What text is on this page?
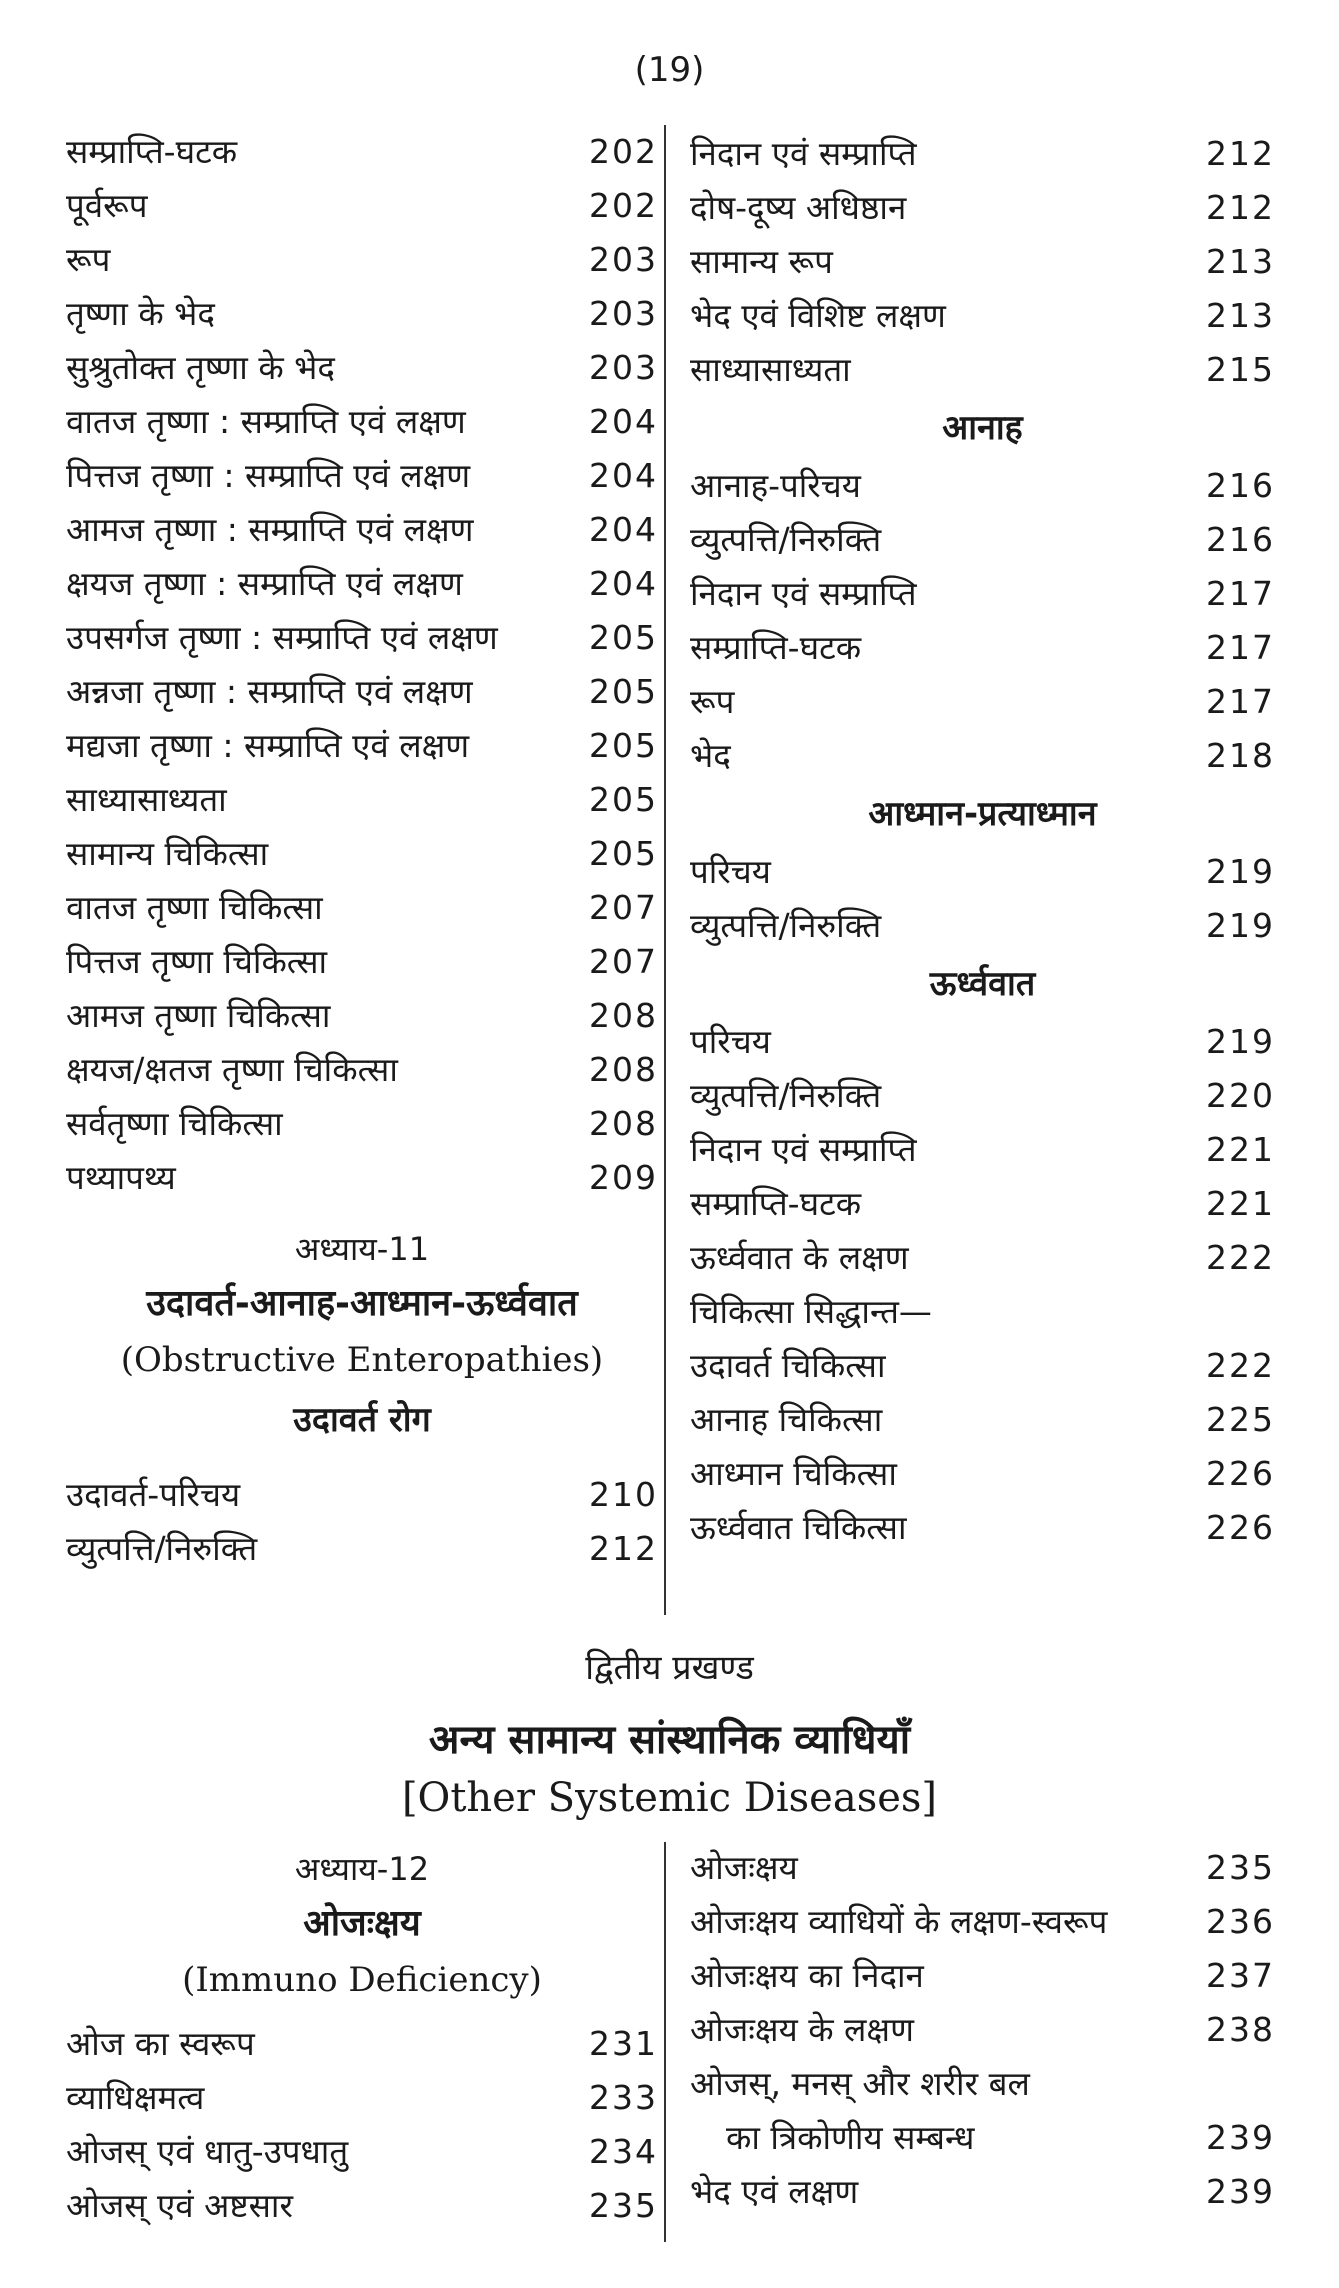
(19)
सम्प्राप्ति-घटक	202
पूर्वरूप	202
रूप	203
तृष्णा के भेद	203
सुश्रुतोक्त तृष्णा के भेद	203
वातज तृष्णा : सम्प्राप्ति एवं लक्षण	204
पित्तज तृष्णा : सम्प्राप्ति एवं लक्षण	204
आमज तृष्णा : सम्प्राप्ति एवं लक्षण	204
क्षयज तृष्णा : सम्प्राप्ति एवं लक्षण	204
उपसर्गज तृष्णा : सम्प्राप्ति एवं लक्षण	205
अन्नजा तृष्णा : सम्प्राप्ति एवं लक्षण	205
मद्यजा तृष्णा : सम्प्राप्ति एवं लक्षण	205
साध्यासाध्यता	205
सामान्य चिकित्सा	205
वातज तृष्णा चिकित्सा	207
पित्तज तृष्णा चिकित्सा	207
आमज तृष्णा चिकित्सा	208
क्षयज/क्षतज तृष्णा चिकित्सा	208
सर्वतृष्णा चिकित्सा	208
पथ्यापथ्य	209
अध्याय-11
उदावर्त-आनाह-आध्मान-ऊर्ध्ववात
(Obstructive Enteropathies)
उदावर्त रोग
उदावर्त-परिचय	210
व्युत्पत्ति/निरुक्ति	212
निदान एवं सम्प्राप्ति	212
दोष-दूष्य अधिष्ठान	212
सामान्य रूप	213
भेद एवं विशिष्ट लक्षण	213
साध्यासाध्यता	215
आनाह
आनाह-परिचय	216
व्युत्पत्ति/निरुक्ति	216
निदान एवं सम्प्राप्ति	217
सम्प्राप्ति-घटक	217
रूप	217
भेद	218
आध्मान-प्रत्याध्मान
परिचय	219
व्युत्पत्ति/निरुक्ति	219
ऊर्ध्ववात
परिचय	219
व्युत्पत्ति/निरुक्ति	220
निदान एवं सम्प्राप्ति	221
सम्प्राप्ति-घटक	221
ऊर्ध्ववात के लक्षण	222
चिकित्सा सिद्धान्त—
उदावर्त चिकित्सा	222
आनाह चिकित्सा	225
आध्मान चिकित्सा	226
ऊर्ध्ववात चिकित्सा	226
द्वितीय प्रखण्ड
अन्य सामान्य सांस्थानिक व्याधियाँ
[Other Systemic Diseases]
अध्याय-12
ओजःक्षय
(Immuno Deficiency)
ओज का स्वरूप	231
व्याधिक्षमत्व	233
ओजस् एवं धातु-उपधातु	234
ओजस् एवं अष्टसार	235
ओजःक्षय	235
ओजःक्षय व्याधियों के लक्षण-स्वरूप	236
ओजःक्षय का निदान	237
ओजःक्षय के लक्षण	238
ओजस्, मनस् और शरीर बल
का त्रिकोणीय सम्बन्ध	239
भेद एवं लक्षण	239
